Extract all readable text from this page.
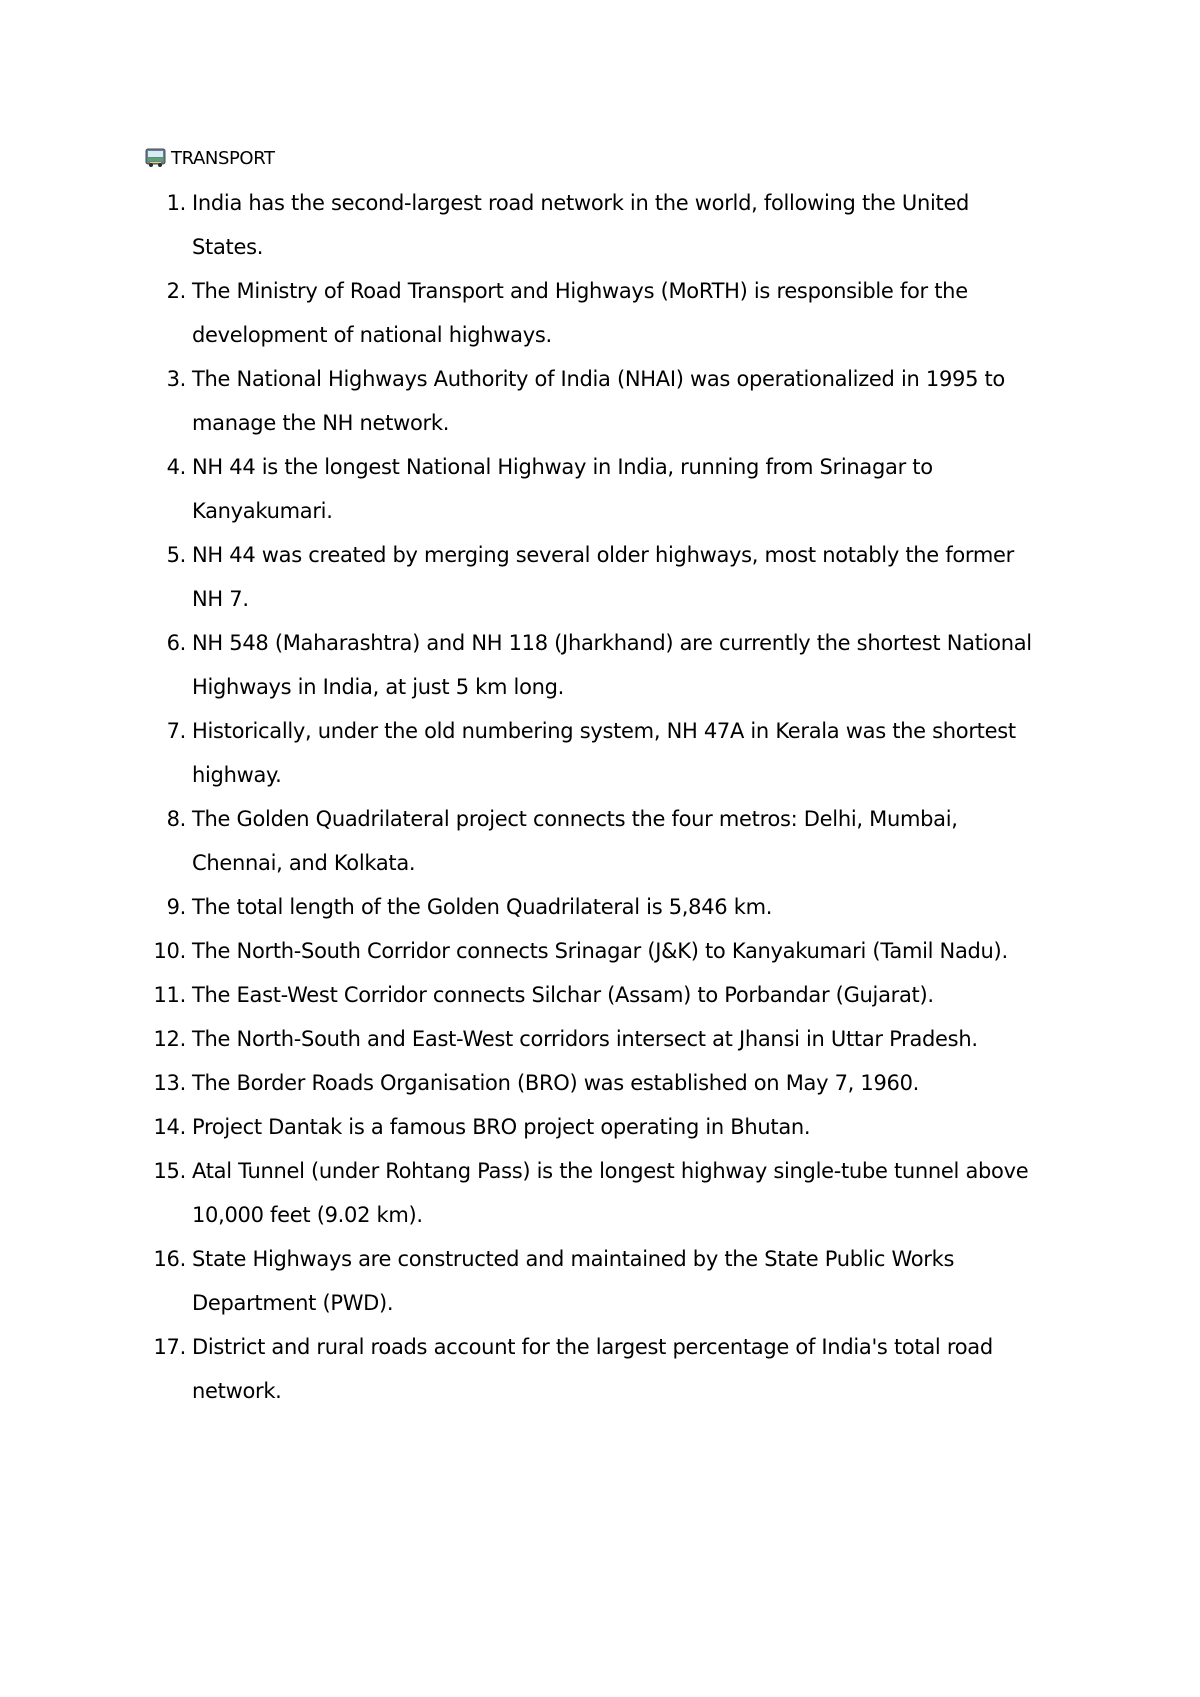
TRANSPORT
1. India has the second-largest road network in the world, following the United States.
2. The Ministry of Road Transport and Highways (MoRTH) is responsible for the development of national highways.
3. The National Highways Authority of India (NHAI) was operationalized in 1995 to manage the NH network.
4. NH 44 is the longest National Highway in India, running from Srinagar to Kanyakumari.
5. NH 44 was created by merging several older highways, most notably the former NH 7.
6. NH 548 (Maharashtra) and NH 118 (Jharkhand) are currently the shortest National Highways in India, at just 5 km long.
7. Historically, under the old numbering system, NH 47A in Kerala was the shortest highway.
8. The Golden Quadrilateral project connects the four metros: Delhi, Mumbai, Chennai, and Kolkata.
9. The total length of the Golden Quadrilateral is 5,846 km.
10. The North-South Corridor connects Srinagar (J&K) to Kanyakumari (Tamil Nadu).
11. The East-West Corridor connects Silchar (Assam) to Porbandar (Gujarat).
12. The North-South and East-West corridors intersect at Jhansi in Uttar Pradesh.
13. The Border Roads Organisation (BRO) was established on May 7, 1960.
14. Project Dantak is a famous BRO project operating in Bhutan.
15. Atal Tunnel (under Rohtang Pass) is the longest highway single-tube tunnel above 10,000 feet (9.02 km).
16. State Highways are constructed and maintained by the State Public Works Department (PWD).
17. District and rural roads account for the largest percentage of India's total road network.
